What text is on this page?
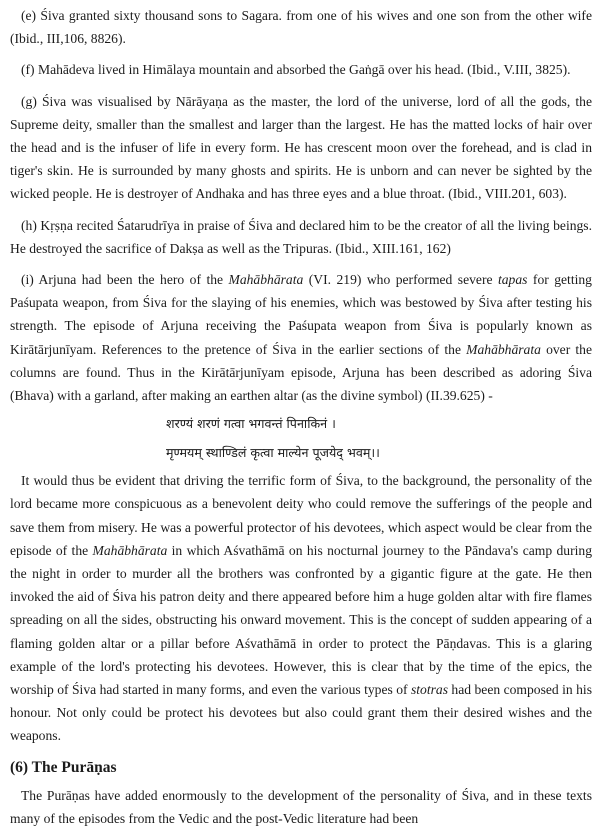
(e) Śiva granted sixty thousand sons to Sagara. from one of his wives and one son from the other wife (Ibid., III,106, 8826).

(f) Mahādeva lived in Himālaya mountain and absorbed the Gaṅgā over his head. (Ibid., V.III, 3825).

(g) Śiva was visualised by Nārāyaṇa as the master, the lord of the universe, lord of all the gods, the Supreme deity, smaller than the smallest and larger than the largest. He has the matted locks of hair over the head and is the infuser of life in every form. He has crescent moon over the forehead, and is clad in tiger's skin. He is surrounded by many ghosts and spirits. He is unborn and can never be sighted by the wicked people. He is destroyer of Andhaka and has three eyes and a blue throat. (Ibid., VIII.201, 603).

(h) Kṛṣṇa recited Śatarudrīya in praise of Śiva and declared him to be the creator of all the living beings. He destroyed the sacrifice of Dakṣa as well as the Tripuras. (Ibid., XIII.161, 162)

(i) Arjuna had been the hero of the Mahābhārata (VI. 219) who performed severe tapas for getting Paśupata weapon, from Śiva for the slaying of his enemies, which was bestowed by Śiva after testing his strength. The episode of Arjuna receiving the Paśupata weapon from Śiva is popularly known as Kirātārjunīyam. References to the pretence of Śiva in the earlier sections of the Mahābhārata over the columns are found. Thus in the Kirātārjunīyam episode, Arjuna has been described as adoring Śiva (Bhava) with a garland, after making an earthen altar (as the divine symbol) (II.39.625) -

शरण्यं शरणं गत्वा भगवन्तं पिनाकिनं ।
मृण्मयम् स्थाण्डिलं कृत्वा माल्येन पूजयेद् भवम्।।

It would thus be evident that driving the terrific form of Śiva, to the background, the personality of the lord became more conspicuous as a benevolent deity who could remove the sufferings of the people and save them from misery. He was a powerful protector of his devotees, which aspect would be clear from the episode of the Mahābhārata in which Aśvathāmā on his nocturnal journey to the Pāndava's camp during the night in order to murder all the brothers was confronted by a gigantic figure at the gate. He then invoked the aid of Śiva his patron deity and there appeared before him a huge golden altar with fire flames spreading on all the sides, obstructing his onward movement. This is the concept of sudden appearing of a flaming golden altar or a pillar before Aśvathāmā in order to protect the Pāṇdavas. This is a glaring example of the lord's protecting his devotees. However, this is clear that by the time of the epics, the worship of Śiva had started in many forms, and even the various types of stotras had been composed in his honour. Not only could be protect his devotees but also could grant them their desired wishes and the weapons.

(6) The Purāṇas

The Purāṇas have added enormously to the development of the personality of Śiva, and in these texts many of the episodes from the Vedic and the post-Vedic literature had been
